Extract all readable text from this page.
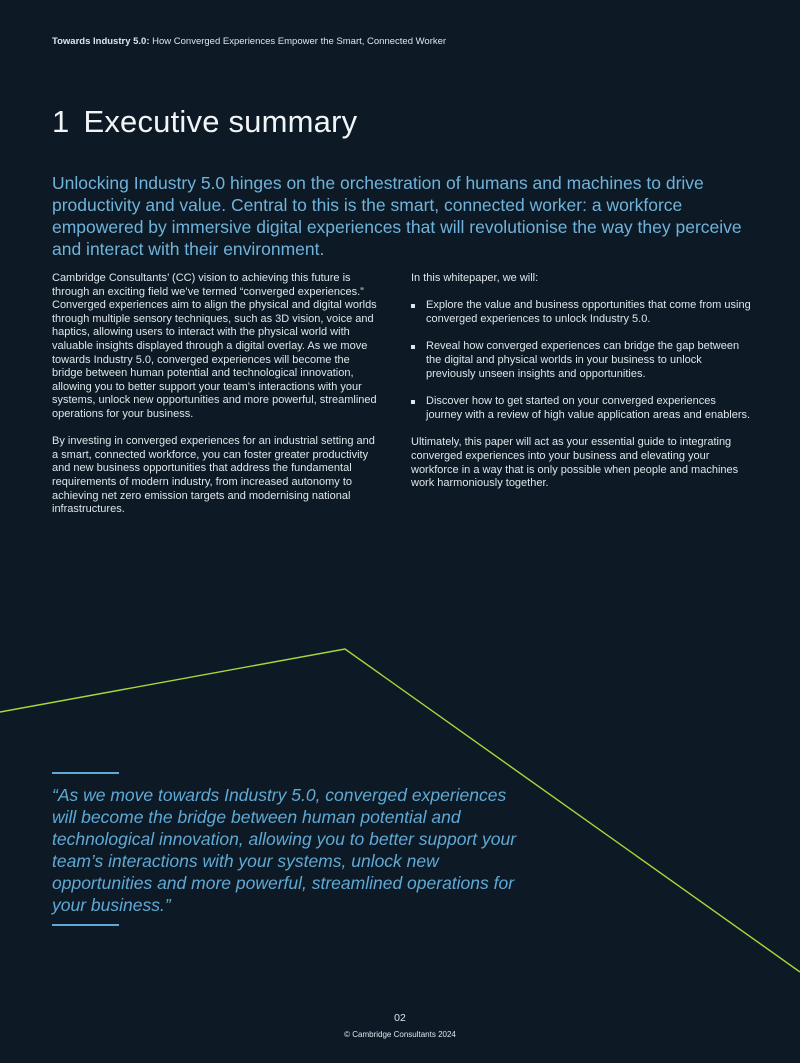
Towards Industry 5.0: How Converged Experiences Empower the Smart, Connected Worker
1 Executive summary

Unlocking Industry 5.0 hinges on the orchestration of humans and machines to drive productivity and value. Central to this is the smart, connected worker: a workforce empowered by immersive digital experiences that will revolutionise the way they perceive and interact with their environment.

Cambridge Consultants’ (CC) vision to achieving this future is through an exciting field we’ve termed “converged experiences.” Converged experiences aim to align the physical and digital worlds through multiple sensory techniques, such as 3D vision, voice and haptics, allowing users to interact with the physical world with valuable insights displayed through a digital overlay. As we move towards Industry 5.0, converged experiences will become the bridge between human potential and technological innovation, allowing you to better support your team’s interactions with your systems, unlock new opportunities and more powerful, streamlined operations for your business.

By investing in converged experiences for an industrial setting and a smart, connected workforce, you can foster greater productivity and new business opportunities that address the fundamental requirements of modern industry, from increased autonomy to achieving net zero emission targets and modernising national infrastructures.

In this whitepaper, we will:

Explore the value and business opportunities that come from using converged experiences to unlock Industry 5.0.
Reveal how converged experiences can bridge the gap between the digital and physical worlds in your business to unlock previously unseen insights and opportunities.
Discover how to get started on your converged experiences journey with a review of high value application areas and enablers.

Ultimately, this paper will act as your essential guide to integrating converged experiences into your business and elevating your workforce in a way that is only possible when people and machines work harmoniously together.

“As we move towards Industry 5.0, converged experiences will become the bridge between human potential and technological innovation, allowing you to better support your team’s interactions with your systems, unlock new opportunities and more powerful, streamlined operations for your business.”

02
© Cambridge Consultants 2024
